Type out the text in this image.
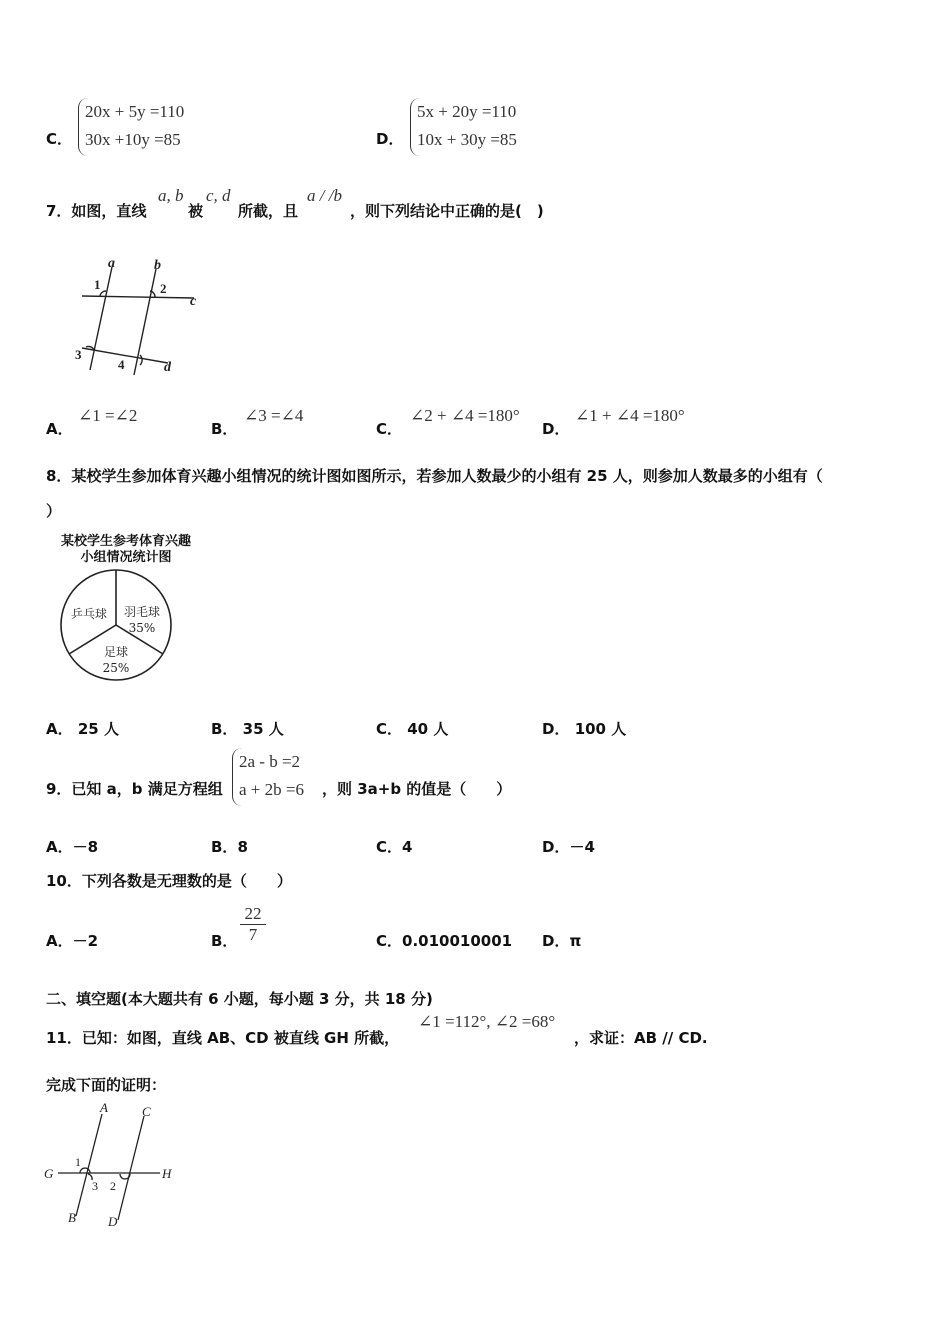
C．
20x + 5y =110
30x +10y =85	D．
5x + 20y =110
10x + 30y =85
7．如图，直线
a, b
被
c, d
所截，且
a / /b
，则下列结论中正确的是(　)
a	b
c
d
1	2
3
4
A．
∠1 =∠2
B．
∠3 =∠4
C．
∠2 + ∠4 =180°
D．
∠1 + ∠4 =180°
8．某校学生参加体育兴趣小组情况的统计图如图所示，若参加人数最少的小组有 25 人，则参加人数最多的小组有（
）
某校学生参考体育兴趣
小组情况统计图
乒乓球 羽毛球
35%
足球
25%
A． 25 人	B． 35 人	C． 40 人	D． 100 人
9．已知 a，b 满足方程组
2a - b =2
a + 2b =6 ，则 3a+b 的值是（　　）
A．－8	B．8	C．4	D．－4
10．下列各数是无理数的是（　　）
A．－2	B． $\frac{22}{7}$	C．0.010010001 D．π
二、填空题(本大题共有 6 小题，每小题 3 分，共 18 分)
11．已知：如图，直线 AB、CD 被直线 GH 所截，
∠1 =112°, ∠2 =68°
，求证：AB // CD.
完成下面的证明：
A	C
G	H
B D
1
3 2
